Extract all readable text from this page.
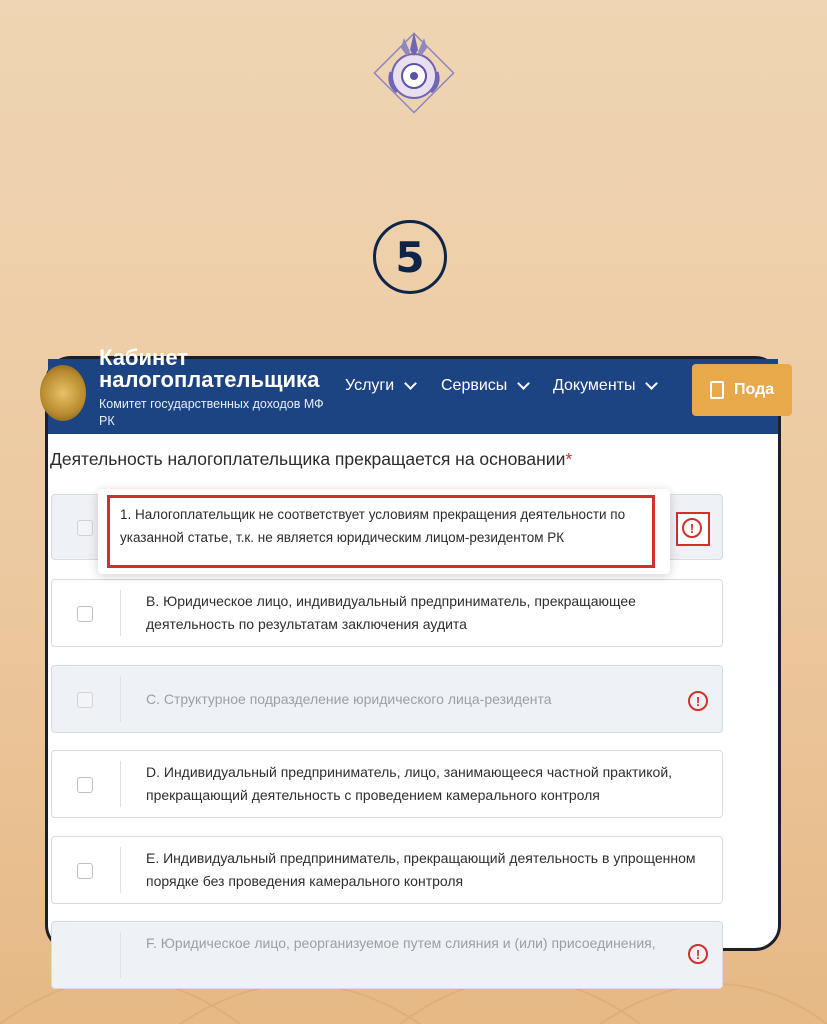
5
Кабинет
налогоплательщика
Комитет государственных доходов МФ РК
Услуги	Сервисы	Документы	Пода
Деятельность налогоплательщика прекращается на основании*
B. Юридическое лицо, индивидуальный предприниматель, прекращающее деятельность по результатам заключения аудита
C. Структурное подразделение юридического лица-резидента	!
D. Индивидуальный предприниматель, лицо, занимающееся частной практикой, прекращающий деятельность с проведением камерального контроля
E. Индивидуальный предприниматель, прекращающий деятельность в упрощенном порядке без проведения камерального контроля
F. Юридическое лицо, реорганизуемое путем слияния и (или) присоединения,
!
1. Налогоплательщик не соответствует условиям прекращения деятельности по указанной статье, т.к. не является юридическим лицом-резидентом РК
!
